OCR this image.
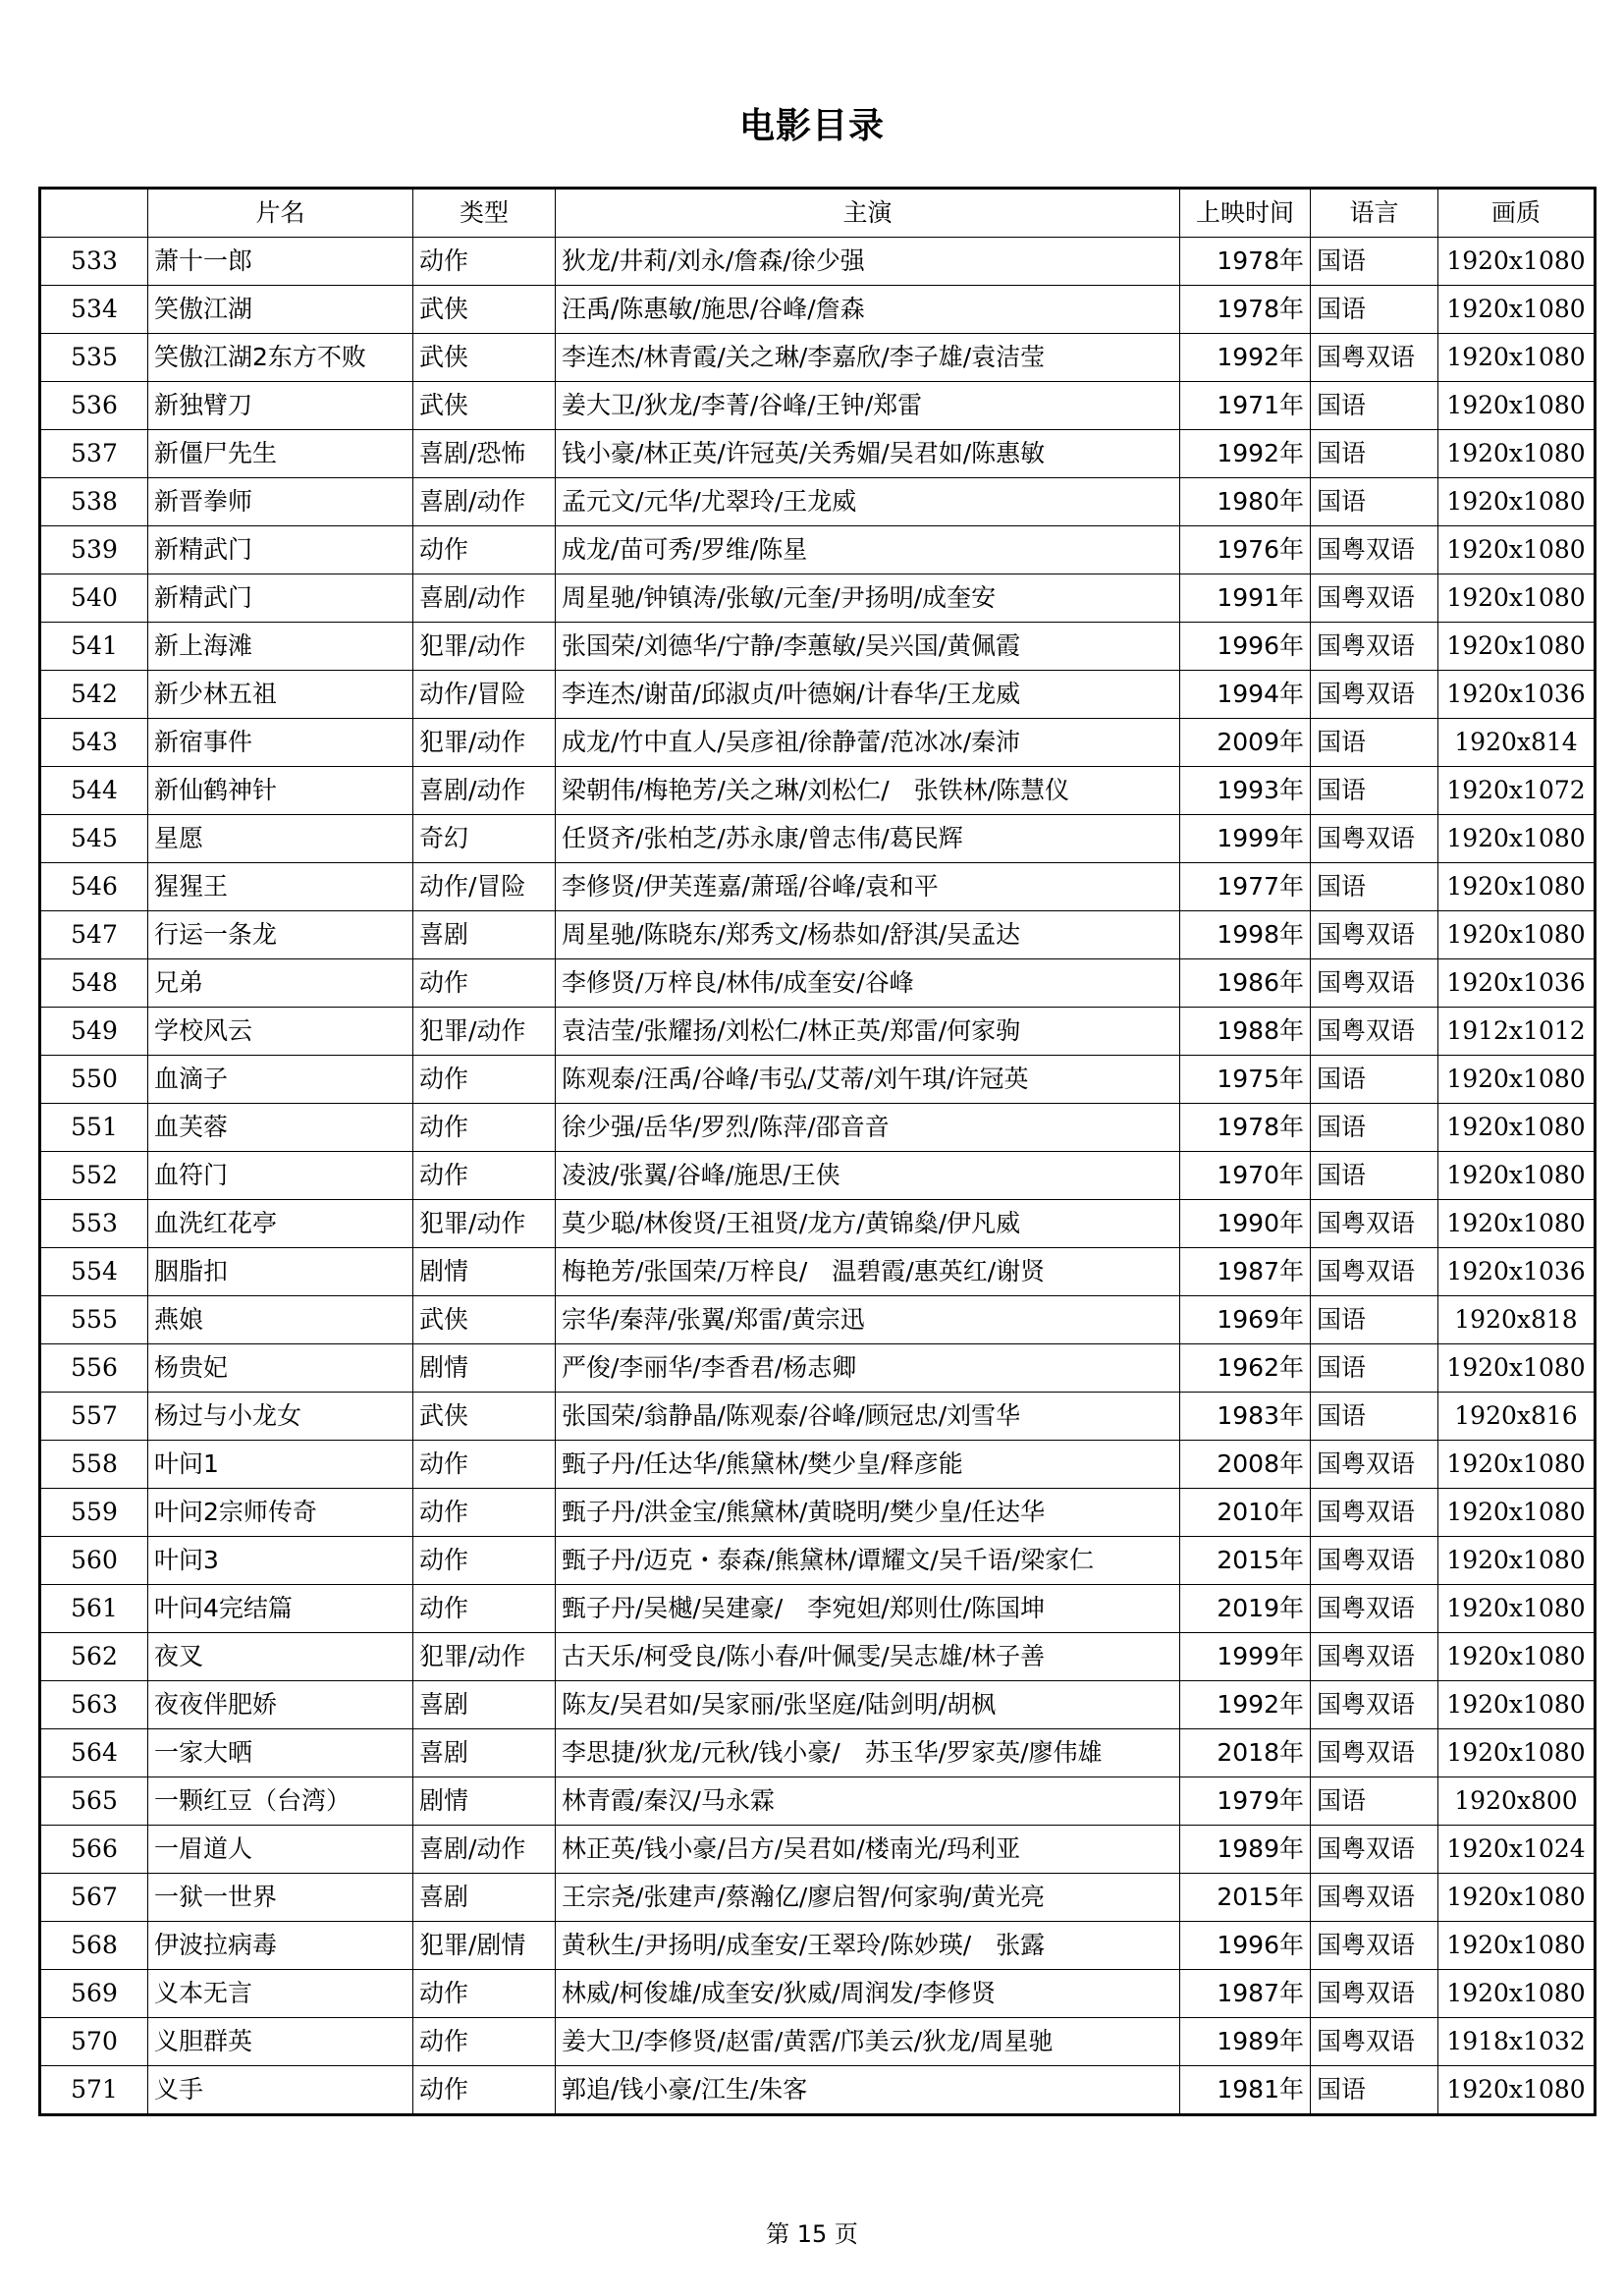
电影目录
	片名	类型	主演	上映时间	语言	画质
533	萧十一郎	动作	狄龙/井莉/刘永/詹森/徐少强	1978年	国语	1920x1080
534	笑傲江湖	武侠	汪禹/陈惠敏/施思/谷峰/詹森	1978年	国语	1920x1080
535	笑傲江湖2东方不败	武侠	李连杰/林青霞/关之琳/李嘉欣/李子雄/袁洁莹	1992年	国粤双语	1920x1080
536	新独臂刀	武侠	姜大卫/狄龙/李菁/谷峰/王钟/郑雷	1971年	国语	1920x1080
537	新僵尸先生	喜剧/恐怖	钱小豪/林正英/许冠英/关秀媚/吴君如/陈惠敏	1992年	国语	1920x1080
538	新晋拳师	喜剧/动作	孟元文/元华/尤翠玲/王龙威	1980年	国语	1920x1080
539	新精武门	动作	成龙/苗可秀/罗维/陈星	1976年	国粤双语	1920x1080
540	新精武门	喜剧/动作	周星驰/钟镇涛/张敏/元奎/尹扬明/成奎安	1991年	国粤双语	1920x1080
541	新上海滩	犯罪/动作	张国荣/刘德华/宁静/李蕙敏/吴兴国/黄佩霞	1996年	国粤双语	1920x1080
542	新少林五祖	动作/冒险	李连杰/谢苗/邱淑贞/叶德娴/计春华/王龙威	1994年	国粤双语	1920x1036
543	新宿事件	犯罪/动作	成龙/竹中直人/吴彦祖/徐静蕾/范冰冰/秦沛	2009年	国语	1920x814
544	新仙鹤神针	喜剧/动作	梁朝伟/梅艳芳/关之琳/刘松仁/　张铁林/陈慧仪	1993年	国语	1920x1072
545	星愿	奇幻	任贤齐/张柏芝/苏永康/曾志伟/葛民辉	1999年	国粤双语	1920x1080
546	猩猩王	动作/冒险	李修贤/伊芙莲嘉/萧瑶/谷峰/袁和平	1977年	国语	1920x1080
547	行运一条龙	喜剧	周星驰/陈晓东/郑秀文/杨恭如/舒淇/吴孟达	1998年	国粤双语	1920x1080
548	兄弟	动作	李修贤/万梓良/林伟/成奎安/谷峰	1986年	国粤双语	1920x1036
549	学校风云	犯罪/动作	袁洁莹/张耀扬/刘松仁/林正英/郑雷/何家驹	1988年	国粤双语	1912x1012
550	血滴子	动作	陈观泰/汪禹/谷峰/韦弘/艾蒂/刘午琪/许冠英	1975年	国语	1920x1080
551	血芙蓉	动作	徐少强/岳华/罗烈/陈萍/邵音音	1978年	国语	1920x1080
552	血符门	动作	凌波/张翼/谷峰/施思/王侠	1970年	国语	1920x1080
553	血洗红花亭	犯罪/动作	莫少聪/林俊贤/王祖贤/龙方/黄锦燊/伊凡威	1990年	国粤双语	1920x1080
554	胭脂扣	剧情	梅艳芳/张国荣/万梓良/　温碧霞/惠英红/谢贤	1987年	国粤双语	1920x1036
555	燕娘	武侠	宗华/秦萍/张翼/郑雷/黄宗迅	1969年	国语	1920x818
556	杨贵妃	剧情	严俊/李丽华/李香君/杨志卿	1962年	国语	1920x1080
557	杨过与小龙女	武侠	张国荣/翁静晶/陈观泰/谷峰/顾冠忠/刘雪华	1983年	国语	1920x816
558	叶问1	动作	甄子丹/任达华/熊黛林/樊少皇/释彦能	2008年	国粤双语	1920x1080
559	叶问2宗师传奇	动作	甄子丹/洪金宝/熊黛林/黄晓明/樊少皇/任达华	2010年	国粤双语	1920x1080
560	叶问3	动作	甄子丹/迈克・泰森/熊黛林/谭耀文/吴千语/梁家仁	2015年	国粤双语	1920x1080
561	叶问4完结篇	动作	甄子丹/吴樾/吴建豪/　李宛妲/郑则仕/陈国坤	2019年	国粤双语	1920x1080
562	夜叉	犯罪/动作	古天乐/柯受良/陈小春/叶佩雯/吴志雄/林子善	1999年	国粤双语	1920x1080
563	夜夜伴肥娇	喜剧	陈友/吴君如/吴家丽/张坚庭/陆剑明/胡枫	1992年	国粤双语	1920x1080
564	一家大晒	喜剧	李思捷/狄龙/元秋/钱小豪/　苏玉华/罗家英/廖伟雄	2018年	国粤双语	1920x1080
565	一颗红豆（台湾）	剧情	林青霞/秦汉/马永霖	1979年	国语	1920x800
566	一眉道人	喜剧/动作	林正英/钱小豪/吕方/吴君如/楼南光/玛利亚	1989年	国粤双语	1920x1024
567	一狱一世界	喜剧	王宗尧/张建声/蔡瀚亿/廖启智/何家驹/黄光亮	2015年	国粤双语	1920x1080
568	伊波拉病毒	犯罪/剧情	黄秋生/尹扬明/成奎安/王翠玲/陈妙瑛/　张露	1996年	国粤双语	1920x1080
569	义本无言	动作	林威/柯俊雄/成奎安/狄威/周润发/李修贤	1987年	国粤双语	1920x1080
570	义胆群英	动作	姜大卫/李修贤/赵雷/黄霑/邝美云/狄龙/周星驰	1989年	国粤双语	1918x1032
571	义手	动作	郭追/钱小豪/江生/朱客	1981年	国语	1920x1080
第 15 页
